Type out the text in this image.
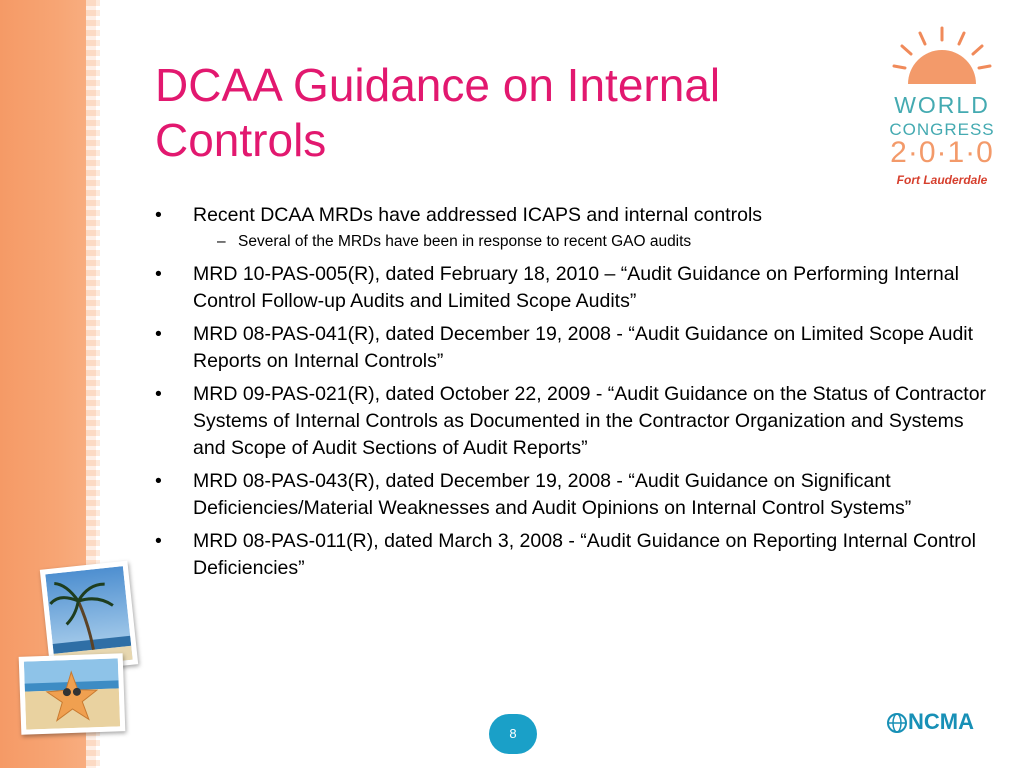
DCAA Guidance on Internal
Controls
• Recent DCAA MRDs have addressed ICAPS and internal controls
– Several of the MRDs have been in response to recent GAO audits
• MRD 10-PAS-005(R), dated February 18, 2010 – “Audit Guidance on Performing Internal Control Follow-up Audits and Limited Scope Audits”
• MRD 08-PAS-041(R), dated December 19, 2008 - “Audit Guidance on Limited Scope Audit Reports on Internal Controls”
• MRD 09-PAS-021(R), dated October 22, 2009 - “Audit Guidance on the Status of Contractor Systems of Internal Controls as Documented in the Contractor Organization and Systems and Scope of Audit Sections of Audit Reports”
• MRD 08-PAS-043(R), dated December 19, 2008 - “Audit Guidance on Significant Deficiencies/Material Weaknesses and Audit Opinions on Internal Control Systems”
• MRD 08-PAS-011(R), dated March 3, 2008 - “Audit Guidance on Reporting Internal Control Deficiencies”
WORLD
CONGRESS
2·0·1·0
Fort Lauderdale
8	NCMA
